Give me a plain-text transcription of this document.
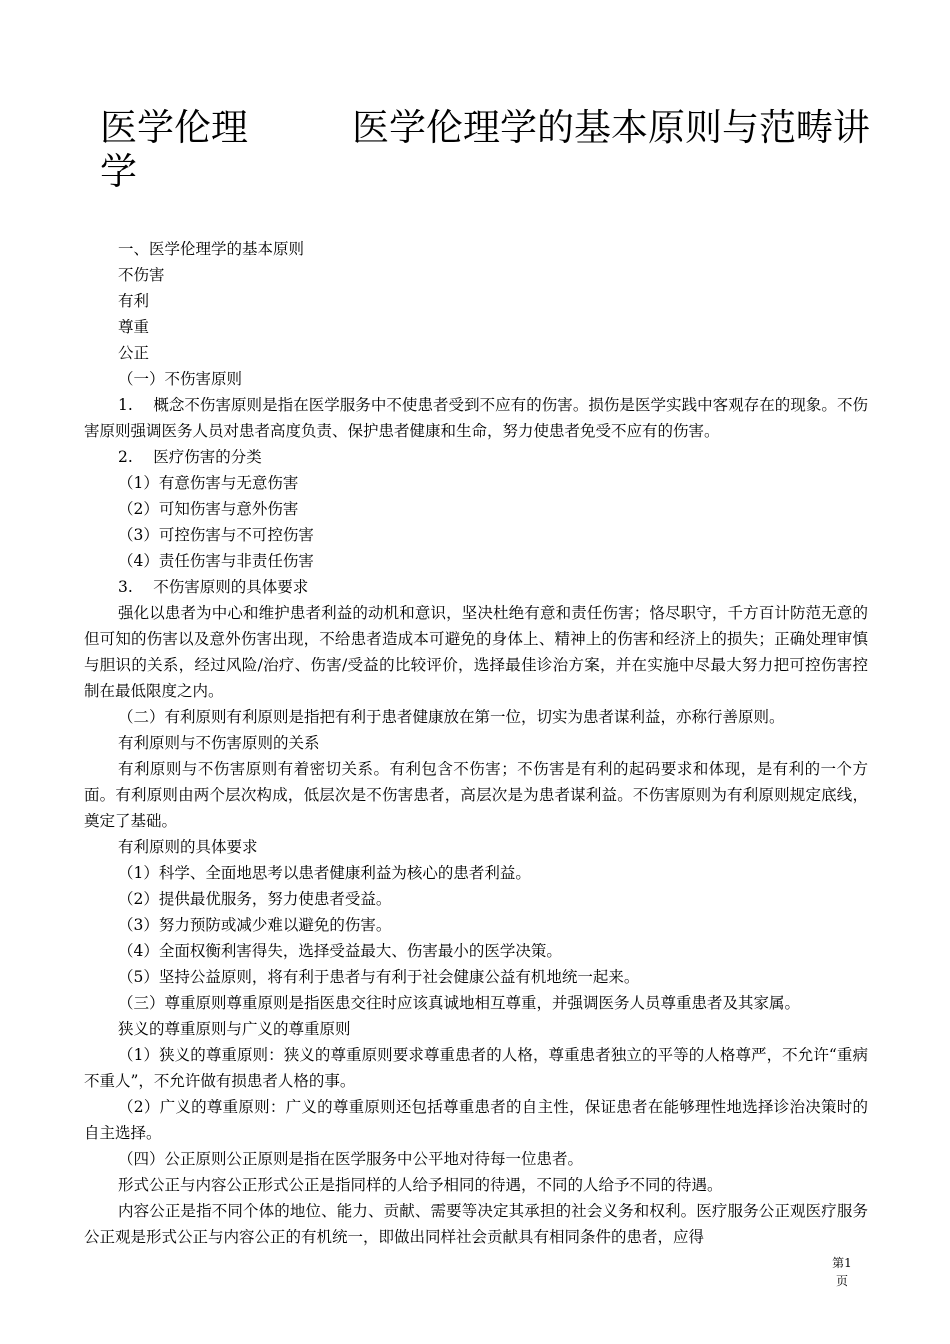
医学伦理学
医学伦理学的基本原则与范畴讲

一、医学伦理学的基本原则

不伤害

有利

尊重

公正

（一）不伤害原则

1.　 概念不伤害原则是指在医学服务中不使患者受到不应有的伤害。损伤是医学实践中客观存在的现象。不伤害原则强调医务人员对患者高度负责、保护患者健康和生命，努力使患者免受不应有的伤害。

2.　 医疗伤害的分类

（1）有意伤害与无意伤害

（2）可知伤害与意外伤害

（3）可控伤害与不可控伤害

（4）责任伤害与非责任伤害

3.　 不伤害原则的具体要求

强化以患者为中心和维护患者利益的动机和意识，坚决杜绝有意和责任伤害；恪尽职守，千方百计防范无意的但可知的伤害以及意外伤害出现，不给患者造成本可避免的身体上、精神上的伤害和经济上的损失；正确处理审慎与胆识的关系，经过风险/治疗、伤害/受益的比较评价，选择最佳诊治方案，并在实施中尽最大努力把可控伤害控制在最低限度之内。

（二）有利原则有利原则是指把有利于患者健康放在第一位，切实为患者谋利益，亦称行善原则。

有利原则与不伤害原则的关系

有利原则与不伤害原则有着密切关系。有利包含不伤害；不伤害是有利的起码要求和体现，是有利的一个方面。有利原则由两个层次构成，低层次是不伤害患者，高层次是为患者谋利益。不伤害原则为有利原则规定底线，奠定了基础。

有利原则的具体要求

（1）科学、全面地思考以患者健康利益为核心的患者利益。

（2）提供最优服务，努力使患者受益。

（3）努力预防或减少难以避免的伤害。

（4）全面权衡利害得失，选择受益最大、伤害最小的医学决策。

（5）坚持公益原则，将有利于患者与有利于社会健康公益有机地统一起来。

（三）尊重原则尊重原则是指医患交往时应该真诚地相互尊重，并强调医务人员尊重患者及其家属。

狭义的尊重原则与广义的尊重原则

（1）狭义的尊重原则：狭义的尊重原则要求尊重患者的人格，尊重患者独立的平等的人格尊严，不允许“重病不重人”，不允许做有损患者人格的事。

（2）广义的尊重原则：广义的尊重原则还包括尊重患者的自主性，保证患者在能够理性地选择诊治决策时的自主选择。

（四）公正原则公正原则是指在医学服务中公平地对待每一位患者。

形式公正与内容公正形式公正是指同样的人给予相同的待遇，不同的人给予不同的待遇。

内容公正是指不同个体的地位、能力、贡献、需要等决定其承担的社会义务和权利。医疗服务公正观医疗服务公正观是形式公正与内容公正的有机统一，即做出同样社会贡献具有相同条件的患者，应得

第1
页
